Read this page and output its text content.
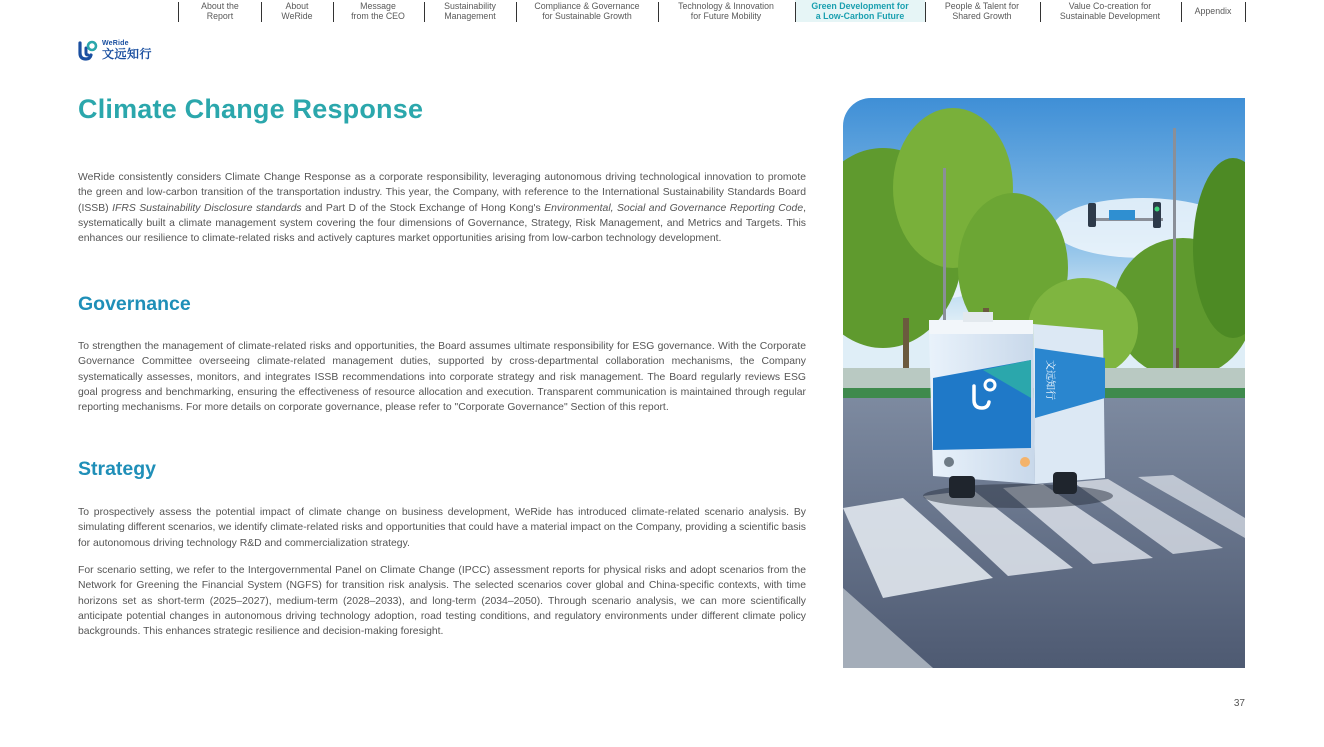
WeRide
文远知行
About the
Report
About
WeRide
Message
from the CEO
Sustainability
Management
Compliance & Governance
for Sustainable Growth
Technology & Innovation
for Future Mobility
Green Development for
a Low-Carbon Future
People & Talent for
Shared Growth
Value Co-creation for
Sustainable Development	Appendix
Climate Change Response

WeRide consistently considers Climate Change Response as a corporate responsibility, leveraging autonomous driving technological innovation to promote the green and low-carbon transition of the transportation industry. This year, the Company, with reference to the International Sustainability Standards Board (ISSB) IFRS Sustainability Disclosure standards and Part D of the Stock Exchange of Hong Kong's Environmental, Social and Governance Reporting Code, systematically built a climate management system covering the four dimensions of Governance, Strategy, Risk Management, and Metrics and Targets. This enhances our resilience to climate-related risks and actively captures market opportunities arising from low-carbon technology development.

Governance

To strengthen the management of climate-related risks and opportunities, the Board assumes ultimate responsibility for ESG governance. With the Corporate Governance Committee overseeing climate-related management duties, supported by cross-departmental collaboration mechanisms, the Company systematically assesses, monitors, and integrates ISSB recommendations into corporate strategy and risk management. The Board regularly reviews ESG goal progress and benchmarking, ensuring the effectiveness of resource allocation and execution. Transparent communication is maintained through regular reporting mechanisms. For more details on corporate governance, please refer to "Corporate Governance" Section of this report.

Strategy

To prospectively assess the potential impact of climate change on business development, WeRide has introduced climate-related scenario analysis. By simulating different scenarios, we identify climate-related risks and opportunities that could have a material impact on the Company, providing a scientific basis for autonomous driving technology R&D and commercialization strategy.

For scenario setting, we refer to the Intergovernmental Panel on Climate Change (IPCC) assessment reports for physical risks and adopt scenarios from the Network for Greening the Financial System (NGFS) for transition risk analysis. The selected scenarios cover global and China-specific contexts, with time horizons set as short-term (2025–2027), medium-term (2028–2033), and long-term (2034–2050). Through scenario analysis, we can more scientifically anticipate potential changes in autonomous driving technology adoption, road testing conditions, and regulatory environments under different climate policy backgrounds. This enhances strategic resilience and decision-making foresight.

文远知行
37
